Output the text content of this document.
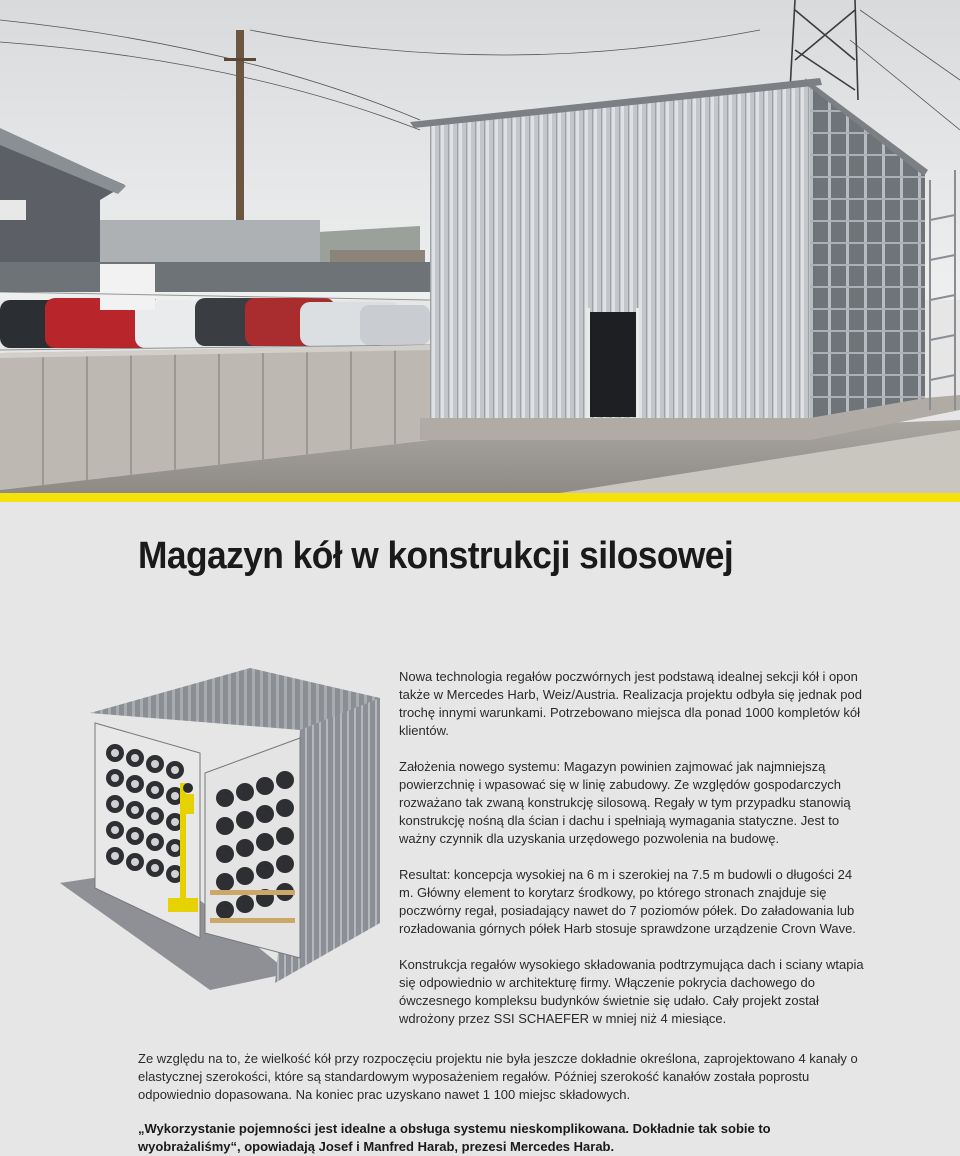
Magazyn kół w konstrukcji silosowej

Nowa technologia regałów poczwórnych jest podstawą idealnej sekcji kół i opon także w Mercedes Harb, Weiz/Austria. Realizacja projektu odbyła się jednak pod trochę innymi warunkami. Potrzebowano miejsca dla ponad 1000 kompletów kół klientów.

Założenia nowego systemu: Magazyn powinien zajmować jak najmniejszą powierzchnię i wpasować się w linię zabudowy. Ze względów gospodarczych rozważano tak zwaną konstrukcję silosową. Regały w tym przypadku stanowią konstrukcję nośną dla ścian i dachu i spełniają wymagania statyczne. Jest to ważny czynnik dla uzyskania urzędowego pozwolenia na budowę.

Resultat: koncepcja wysokiej na 6 m i szerokiej na 7.5 m budowli o długości 24 m. Główny element to korytarz środkowy, po którego stronach znajduje się poczwórny regał, posiadający nawet do 7 poziomów półek. Do załadowania lub rozładowania górnych półek Harb stosuje sprawdzone urządzenie Crovn Wave.

Konstrukcja regałów wysokiego składowania podtrzymująca dach i sciany wtapia się odpowiednio w architekturę firmy. Włączenie pokrycia dachowego do ówczesnego kompleksu budynków świetnie się udało. Cały projekt został wdrożony przez SSI SCHAEFER w mniej niż 4 miesiące.

Ze względu na to, że wielkość kół przy rozpoczęciu projektu nie była jeszcze dokładnie określona, zaprojektowano 4 kanały o elastycznej szerokości, które są standardowym wyposażeniem regałów. Później szerokość kanałów została poprostu odpowiednio dopasowana. Na koniec prac uzyskano nawet 1 100 miejsc składowych.

„Wykorzystanie pojemności jest idealne a obsługa systemu nieskomplikowana. Dokładnie tak sobie to wyobrażaliśmy“, opowiadają Josef i Manfred Harab, prezesi Mercedes Harab.
